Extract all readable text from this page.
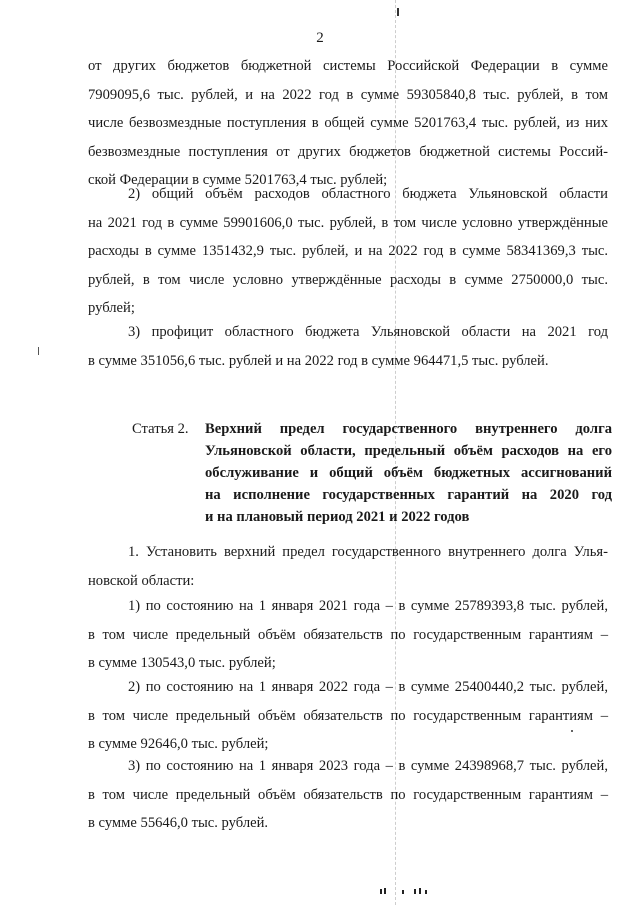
2
от других бюджетов бюджетной системы Российской Федерации в сумме
7909095,6 тыс. рублей, и на 2022 год в сумме 59305840,8 тыс. рублей, в том
числе безвозмездные поступления в общей сумме 5201763,4 тыс. рублей, из них
безвозмездные поступления от других бюджетов бюджетной системы Россий-
ской Федерации в сумме 5201763,4 тыс. рублей;
2) общий объём расходов областного бюджета Ульяновской области
на 2021 год в сумме 59901606,0 тыс. рублей, в том числе условно утверждённые
расходы в сумме 1351432,9 тыс. рублей, и на 2022 год в сумме 58341369,3 тыс.
рублей, в том числе условно утверждённые расходы в сумме 2750000,0 тыс.
рублей;
3) профицит областного бюджета Ульяновской области на 2021 год
в сумме 351056,6 тыс. рублей и на 2022 год в сумме 964471,5 тыс. рублей.
Статья 2. Верхний предел государственного внутреннего долга
Ульяновской области, предельный объём расходов на его
обслуживание и общий объём бюджетных ассигнований
на исполнение государственных гарантий на 2020 год
и на плановый период 2021 и 2022 годов
1. Установить верхний предел государственного внутреннего долга Улья-
новской области:
1) по состоянию на 1 января 2021 года – в сумме 25789393,8 тыс. рублей,
в том числе предельный объём обязательств по государственным гарантиям –
в сумме 130543,0 тыс. рублей;
2) по состоянию на 1 января 2022 года – в сумме 25400440,2 тыс. рублей,
в том числе предельный объём обязательств по государственным гарантиям –
в сумме 92646,0 тыс. рублей;
3) по состоянию на 1 января 2023 года – в сумме 24398968,7 тыс. рублей,
в том числе предельный объём обязательств по государственным гарантиям –
в сумме 55646,0 тыс. рублей.
